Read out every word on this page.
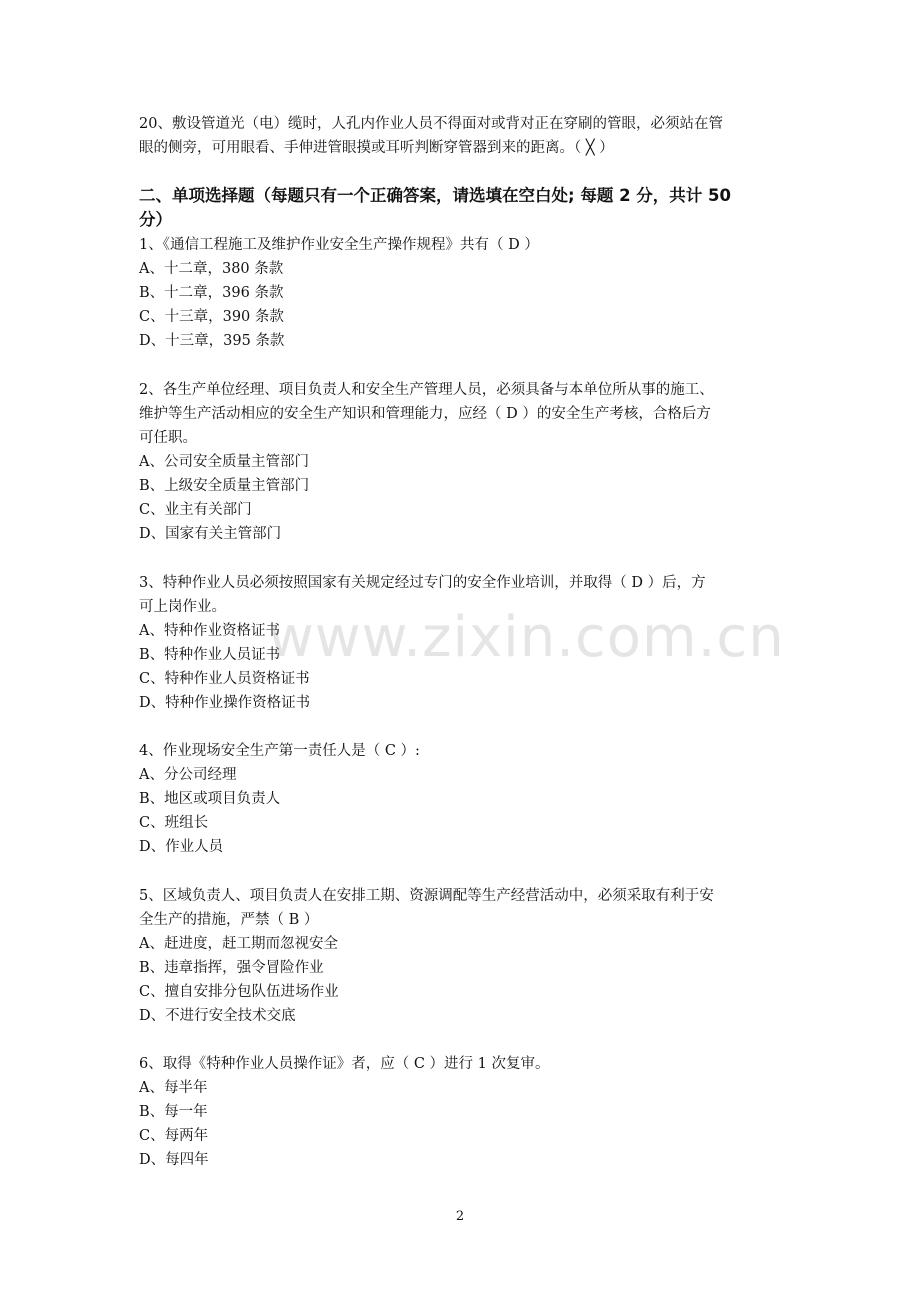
20、敷设管道光（电）缆时，人孔内作业人员不得面对或背对正在穿刷的管眼，必须站在管
眼的侧旁，可用眼看、手伸进管眼摸或耳听判断穿管器到来的距离。（ ╳ ）
二、单项选择题（每题只有一个正确答案，请选填在空白处; 每题 2 分，共计 50
分）
1、《通信工程施工及维护作业安全生产操作规程》共有（ D ）
A、十二章，380 条款
B、十二章，396 条款
C、十三章，390 条款
D、十三章，395 条款
2、各生产单位经理、项目负责人和安全生产管理人员，必须具备与本单位所从事的施工、
维护等生产活动相应的安全生产知识和管理能力，应经（ D ）的安全生产考核，合格后方
可任职。
A、公司安全质量主管部门
B、上级安全质量主管部门
C、业主有关部门
D、国家有关主管部门
3、特种作业人员必须按照国家有关规定经过专门的安全作业培训，并取得（ D ）后，方
可上岗作业。
A、特种作业资格证书
B、特种作业人员证书
C、特种作业人员资格证书
D、特种作业操作资格证书
4、作业现场安全生产第一责任人是（ C ）:
A、分公司经理
B、地区或项目负责人
C、班组长
D、作业人员
5、区域负责人、项目负责人在安排工期、资源调配等生产经营活动中，必须采取有利于安
全生产的措施，严禁（ B ）
A、赶进度，赶工期而忽视安全
B、违章指挥，强令冒险作业
C、擅自安排分包队伍进场作业
D、不进行安全技术交底
6、取得《特种作业人员操作证》者，应（ C ）进行 1 次复审。
A、每半年
B、每一年
C、每两年
D、每四年
www.zixin.com.cn
2
